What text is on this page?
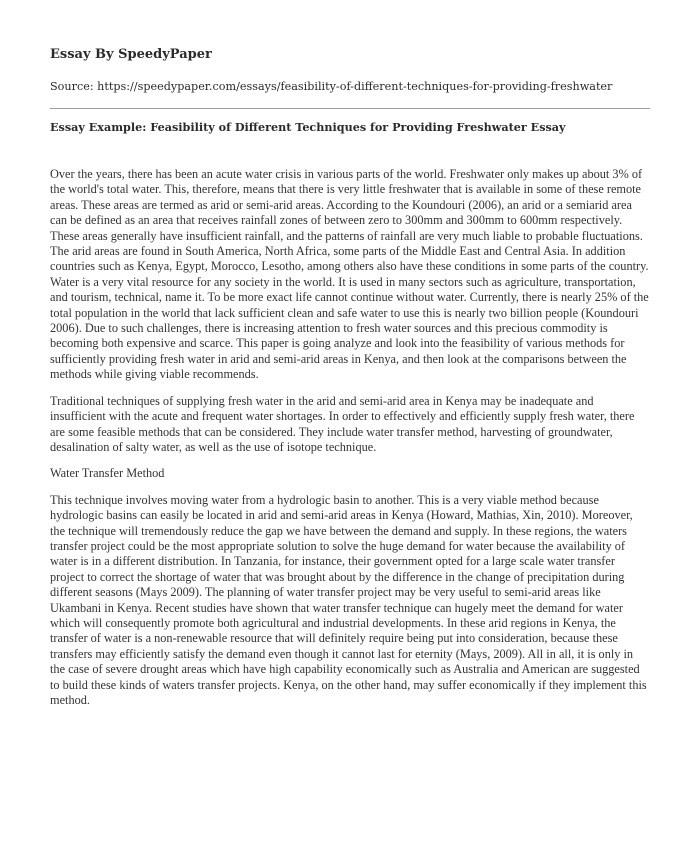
Essay By SpeedyPaper
Source: https://speedypaper.com/essays/feasibility-of-different-techniques-for-providing-freshwater
Essay Example: Feasibility of Different Techniques for Providing Freshwater Essay

Over the years, there has been an acute water crisis in various parts of the world. Freshwater only makes up about 3% of the world's total water. This, therefore, means that there is very little freshwater that is available in some of these remote areas. These areas are termed as arid or semi-arid areas. According to the Koundouri (2006), an arid or a semiarid area can be defined as an area that receives rainfall zones of between zero to 300mm and 300mm to 600mm respectively. These areas generally have insufficient rainfall, and the patterns of rainfall are very much liable to probable fluctuations. The arid areas are found in South America, North Africa, some parts of the Middle East and Central Asia. In addition countries such as Kenya, Egypt, Morocco, Lesotho, among others also have these conditions in some parts of the country. Water is a very vital resource for any society in the world. It is used in many sectors such as agriculture, transportation, and tourism, technical, name it. To be more exact life cannot continue without water. Currently, there is nearly 25% of the total population in the world that lack sufficient clean and safe water to use this is nearly two billion people (Koundouri 2006). Due to such challenges, there is increasing attention to fresh water sources and this precious commodity is becoming both expensive and scarce. This paper is going analyze and look into the feasibility of various methods for sufficiently providing fresh water in arid and semi-arid areas in Kenya, and then look at the comparisons between the methods while giving viable recommends.

Traditional techniques of supplying fresh water in the arid and semi-arid area in Kenya may be inadequate and insufficient with the acute and frequent water shortages. In order to effectively and efficiently supply fresh water, there are some feasible methods that can be considered. They include water transfer method, harvesting of groundwater, desalination of salty water, as well as the use of isotope technique.

Water Transfer Method

This technique involves moving water from a hydrologic basin to another. This is a very viable method because hydrologic basins can easily be located in arid and semi-arid areas in Kenya (Howard, Mathias, Xin, 2010). Moreover, the technique will tremendously reduce the gap we have between the demand and supply. In these regions, the waters transfer project could be the most appropriate solution to solve the huge demand for water because the availability of water is in a different distribution. In Tanzania, for instance, their government opted for a large scale water transfer project to correct the shortage of water that was brought about by the difference in the change of precipitation during different seasons (Mays 2009). The planning of water transfer project may be very useful to semi-arid areas like Ukambani in Kenya. Recent studies have shown that water transfer technique can hugely meet the demand for water which will consequently promote both agricultural and industrial developments. In these arid regions in Kenya, the transfer of water is a non-renewable resource that will definitely require being put into consideration, because these transfers may efficiently satisfy the demand even though it cannot last for eternity (Mays, 2009). All in all, it is only in the case of severe drought areas which have high capability economically such as Australia and American are suggested to build these kinds of waters transfer projects. Kenya, on the other hand, may suffer economically if they implement this method.
